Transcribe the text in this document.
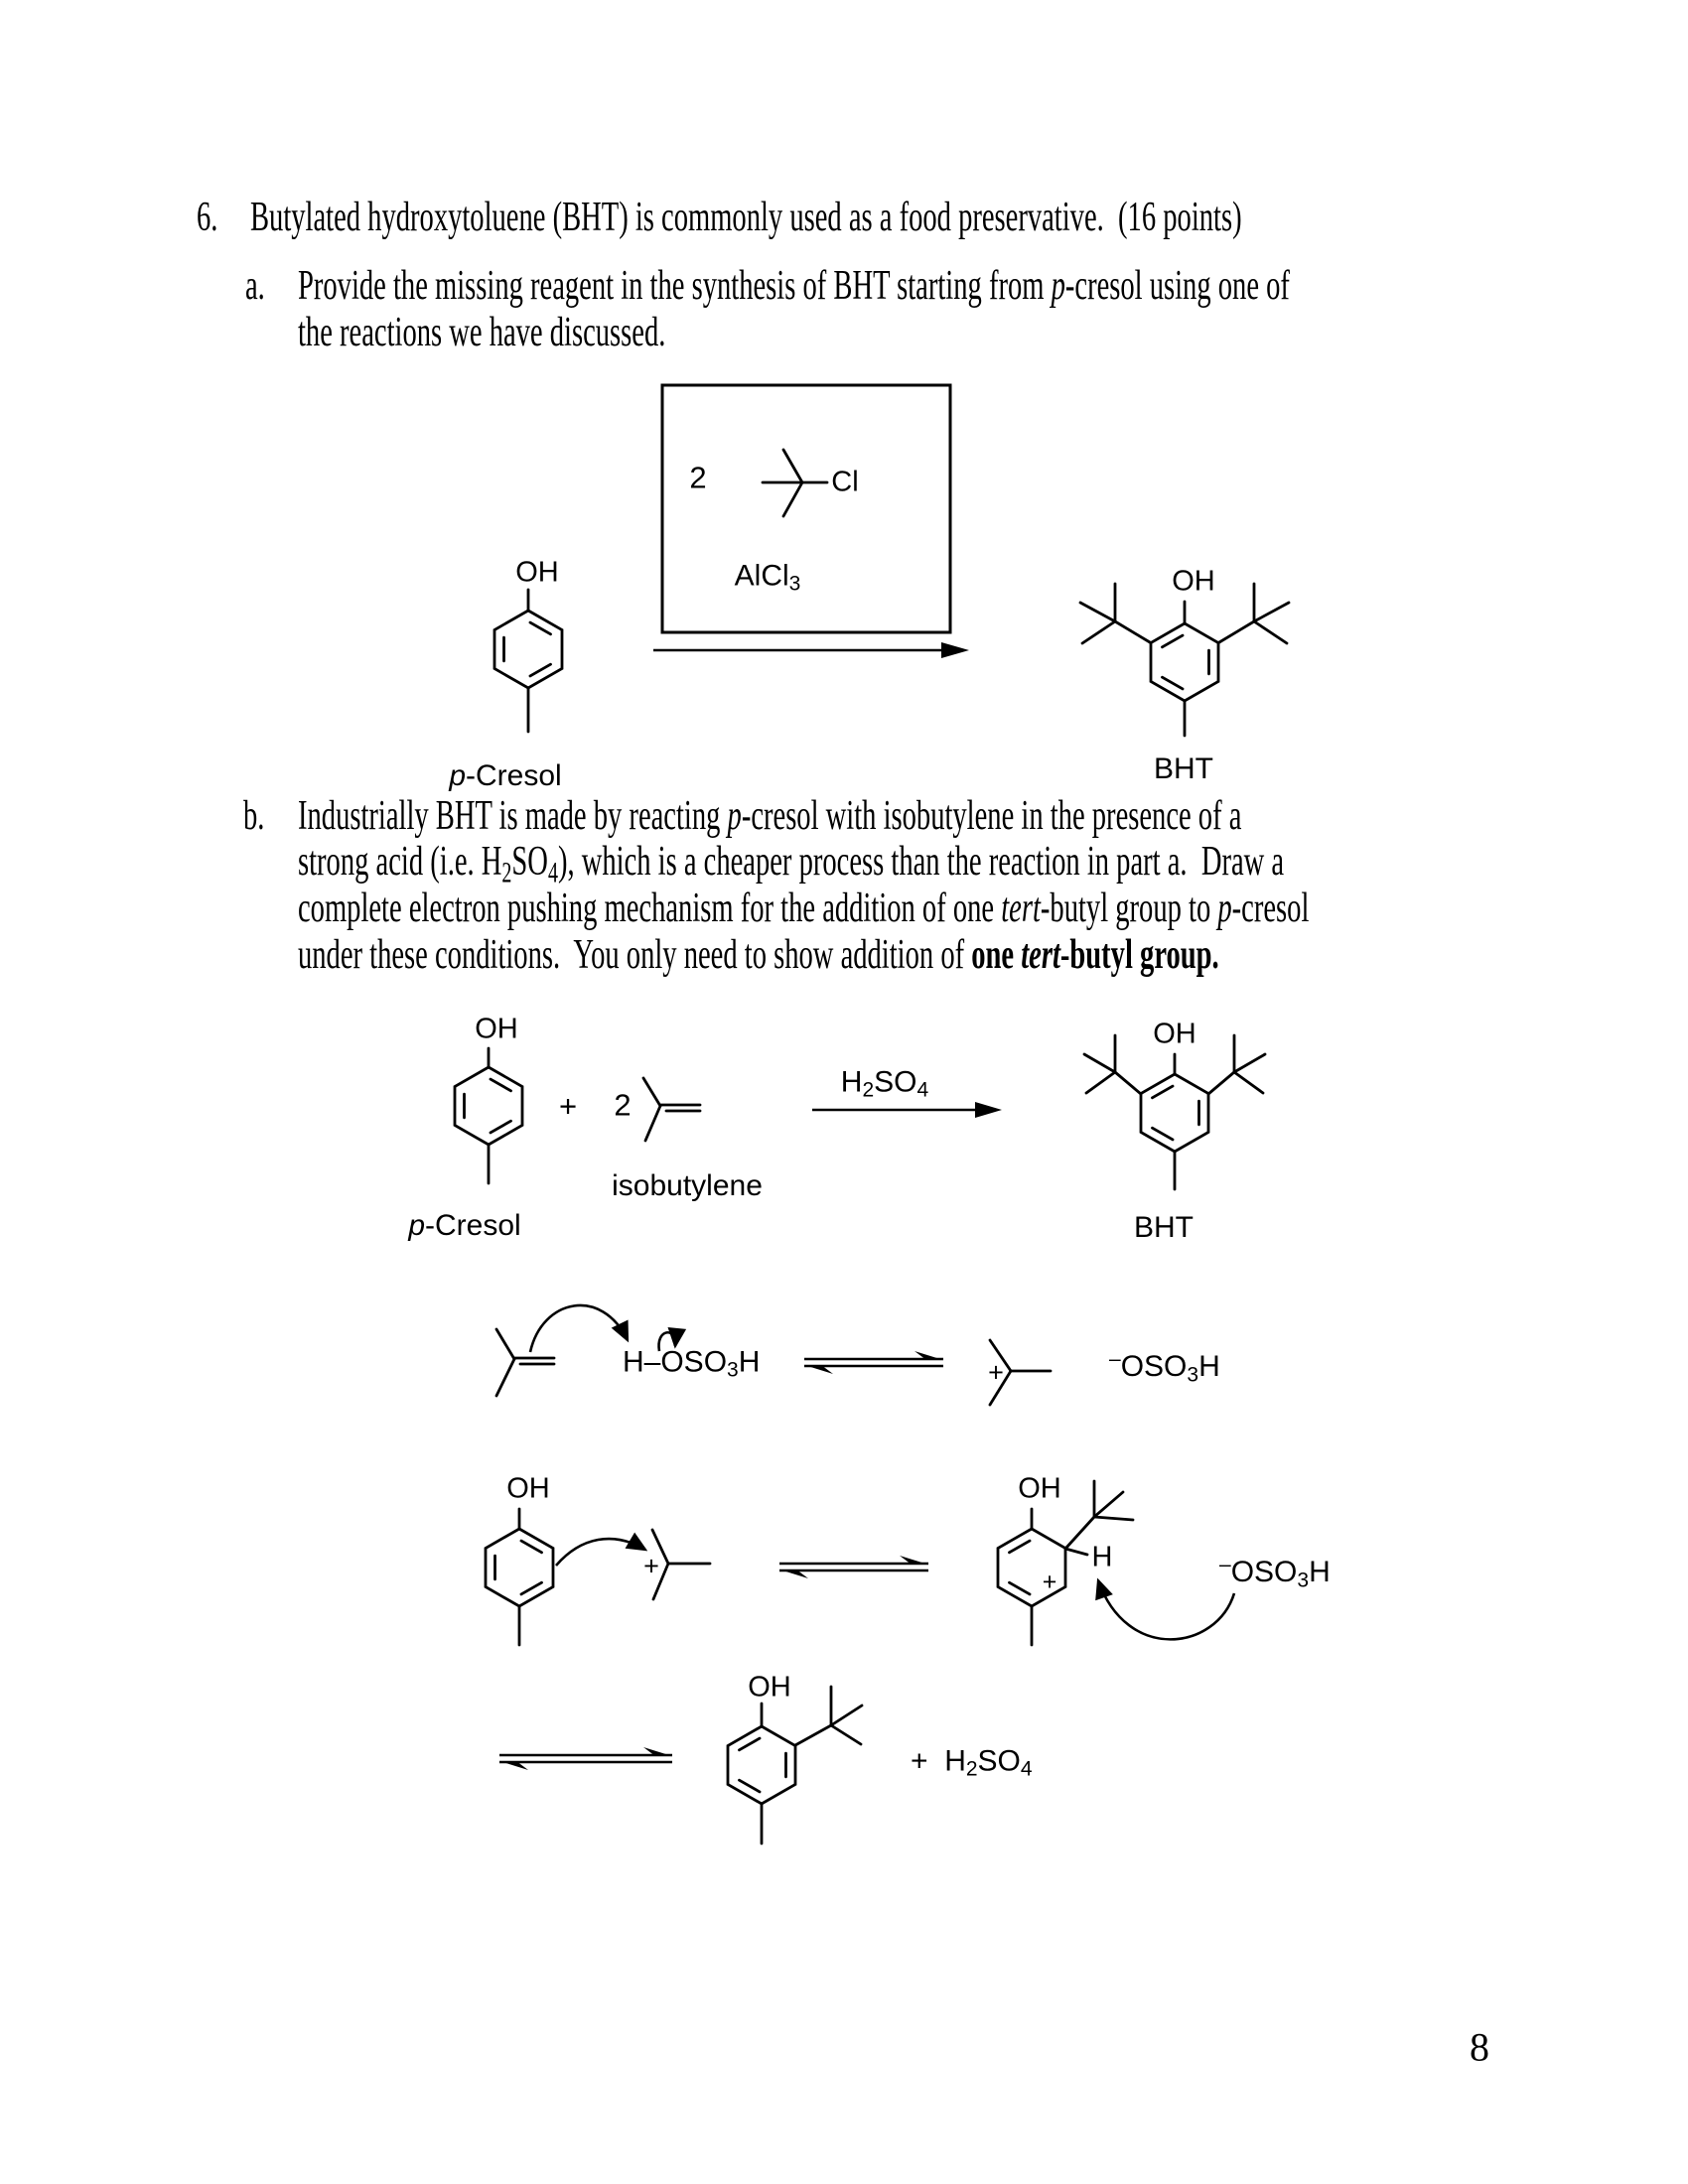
6. Butylated hydroxytoluene (BHT) is commonly used as a food preservative.  (16 points)
a. Provide the missing reagent in the synthesis of BHT starting from p-cresol using one of
the reactions we have discussed.
b. Industrially BHT is made by reacting p-cresol with isobutylene in the presence of a
strong acid (i.e. H2SO4), which is a cheaper process than the reaction in part a.  Draw a
complete electron pushing mechanism for the addition of one tert-butyl group to p-cresol
under these conditions.  You only need to show addition of one tert-butyl group.
OH
2	Cl
AlCl3
p-Cresol
OH
BHT
OH
+ 2
isobutylene
H2SO4
OH
BHT
p-Cresol
H–OSO3H	+	–OSO3H
OH
+
OH
H
+
–OSO3H
OH
+  H2SO4
8
